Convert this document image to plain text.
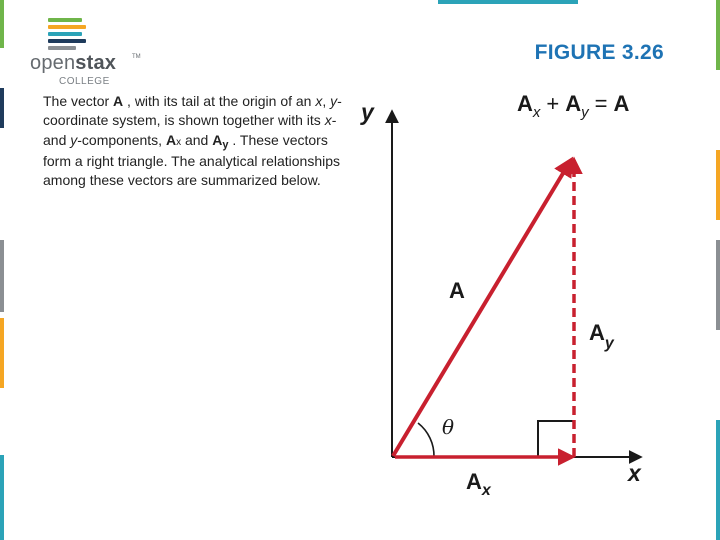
openstax	TM
COLLEGE
FIGURE 3.26
The vector A , with its tail at the origin of an x, y-coordinate system, is shown together with its x- and y-components, Ax and $A_y$ . These vectors form a right triangle. The analytical relationships among these vectors are summarized below.
y
x
A
θ
Ax
Ay
Ax + Ay = A
